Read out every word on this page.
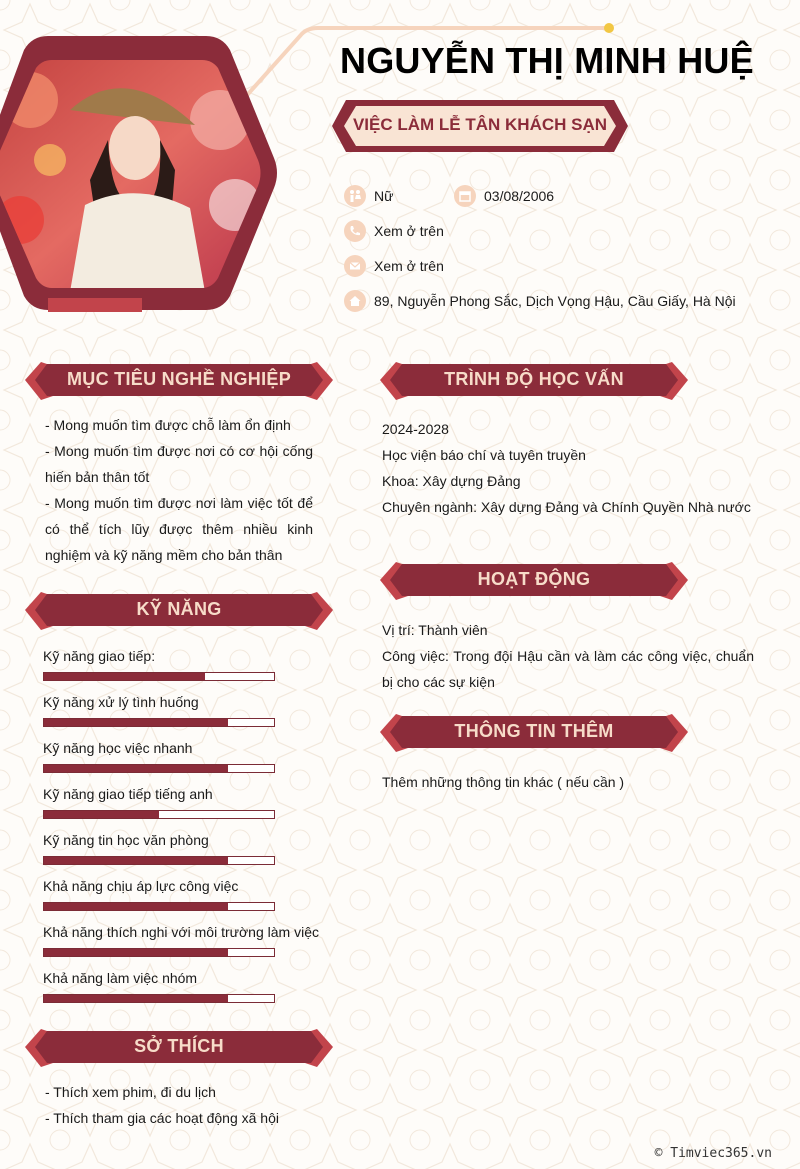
NGUYỄN THỊ MINH HUỆ
VIỆC LÀM LỄ TÂN KHÁCH SẠN
Nữ	03/08/2006
Xem ở trên
Xem ở trên
89, Nguyễn Phong Sắc, Dịch Vọng Hậu, Cầu Giấy, Hà Nội
MỤC TIÊU NGHỀ NGHIỆP
- Mong muốn tìm được chỗ làm ổn định
- Mong muốn tìm được nơi có cơ hội cống hiến bản thân tốt
- Mong muốn tìm được nơi làm việc tốt để có thể tích lũy được thêm nhiều kinh nghiệm và kỹ năng mềm cho bản thân
KỸ NĂNG
Kỹ năng giao tiếp:
Kỹ năng xử lý tình huống
Kỹ năng học việc nhanh
Kỹ năng giao tiếp tiếng anh
Kỹ năng tin học văn phòng
Khả năng chịu áp lực công việc
Khả năng thích nghi với môi trường làm việc
Khả năng làm việc nhóm
SỞ THÍCH
- Thích xem phim, đi du lịch
- Thích tham gia các hoạt động xã hội
TRÌNH ĐỘ HỌC VẤN
2024-2028
Học viện báo chí và tuyên truyền
Khoa: Xây dựng Đảng
Chuyên ngành: Xây dựng Đảng và Chính Quyền Nhà nước
HOẠT ĐỘNG
Vị trí: Thành viên
Công việc: Trong đội Hậu cần và làm các công việc, chuẩn bị cho các sự kiện
THÔNG TIN THÊM
Thêm những thông tin khác ( nếu cần )
© Timviec365.vn
